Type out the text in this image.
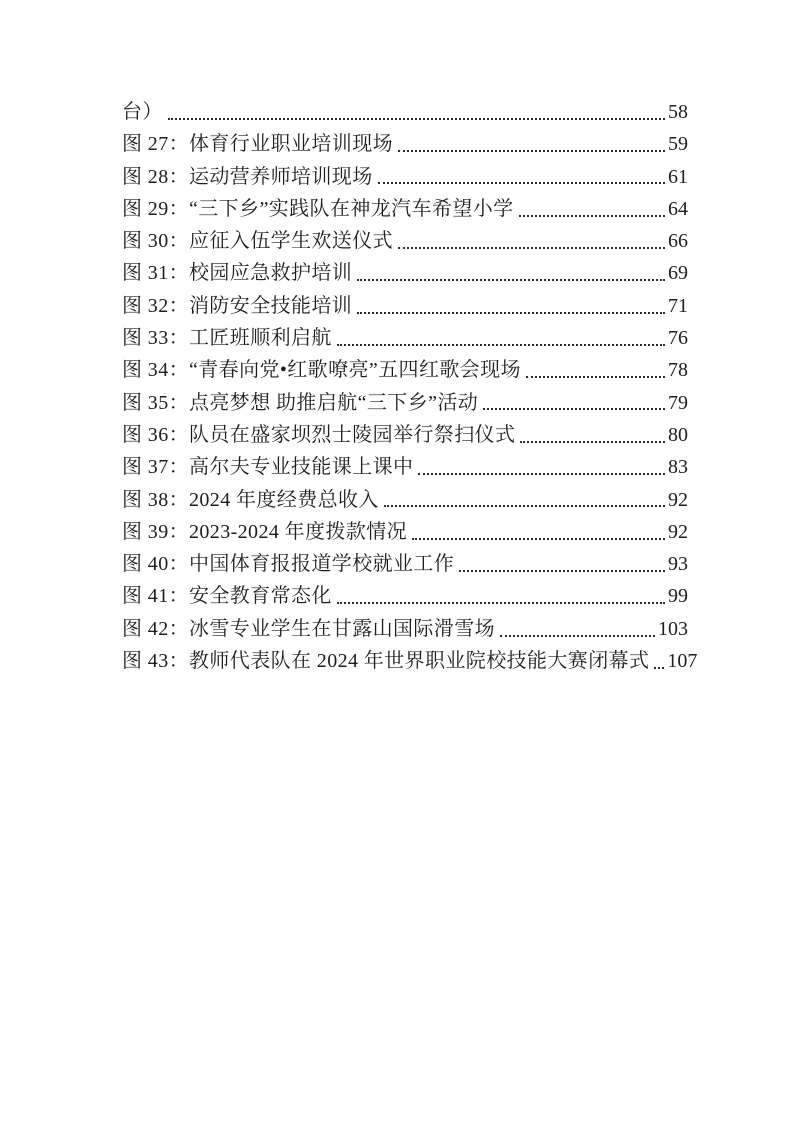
台）	58
图 27：体育行业职业培训现场	59
图 28：运动营养师培训现场	61
图 29：“三下乡”实践队在神龙汽车希望小学	64
图 30：应征入伍学生欢送仪式	66
图 31：校园应急救护培训	69
图 32：消防安全技能培训	71
图 33：工匠班顺利启航	76
图 34：“青春向党•红歌嘹亮”五四红歌会现场	78
图 35：点亮梦想 助推启航“三下乡”活动	79
图 36：队员在盛家坝烈士陵园举行祭扫仪式	80
图 37：高尔夫专业技能课上课中	83
图 38：2024 年度经费总收入	92
图 39：2023-2024 年度拨款情况	92
图 40：中国体育报报道学校就业工作	93
图 41：安全教育常态化	99
图 42：冰雪专业学生在甘露山国际滑雪场	103
图 43：教师代表队在 2024 年世界职业院校技能大赛闭幕式 107
